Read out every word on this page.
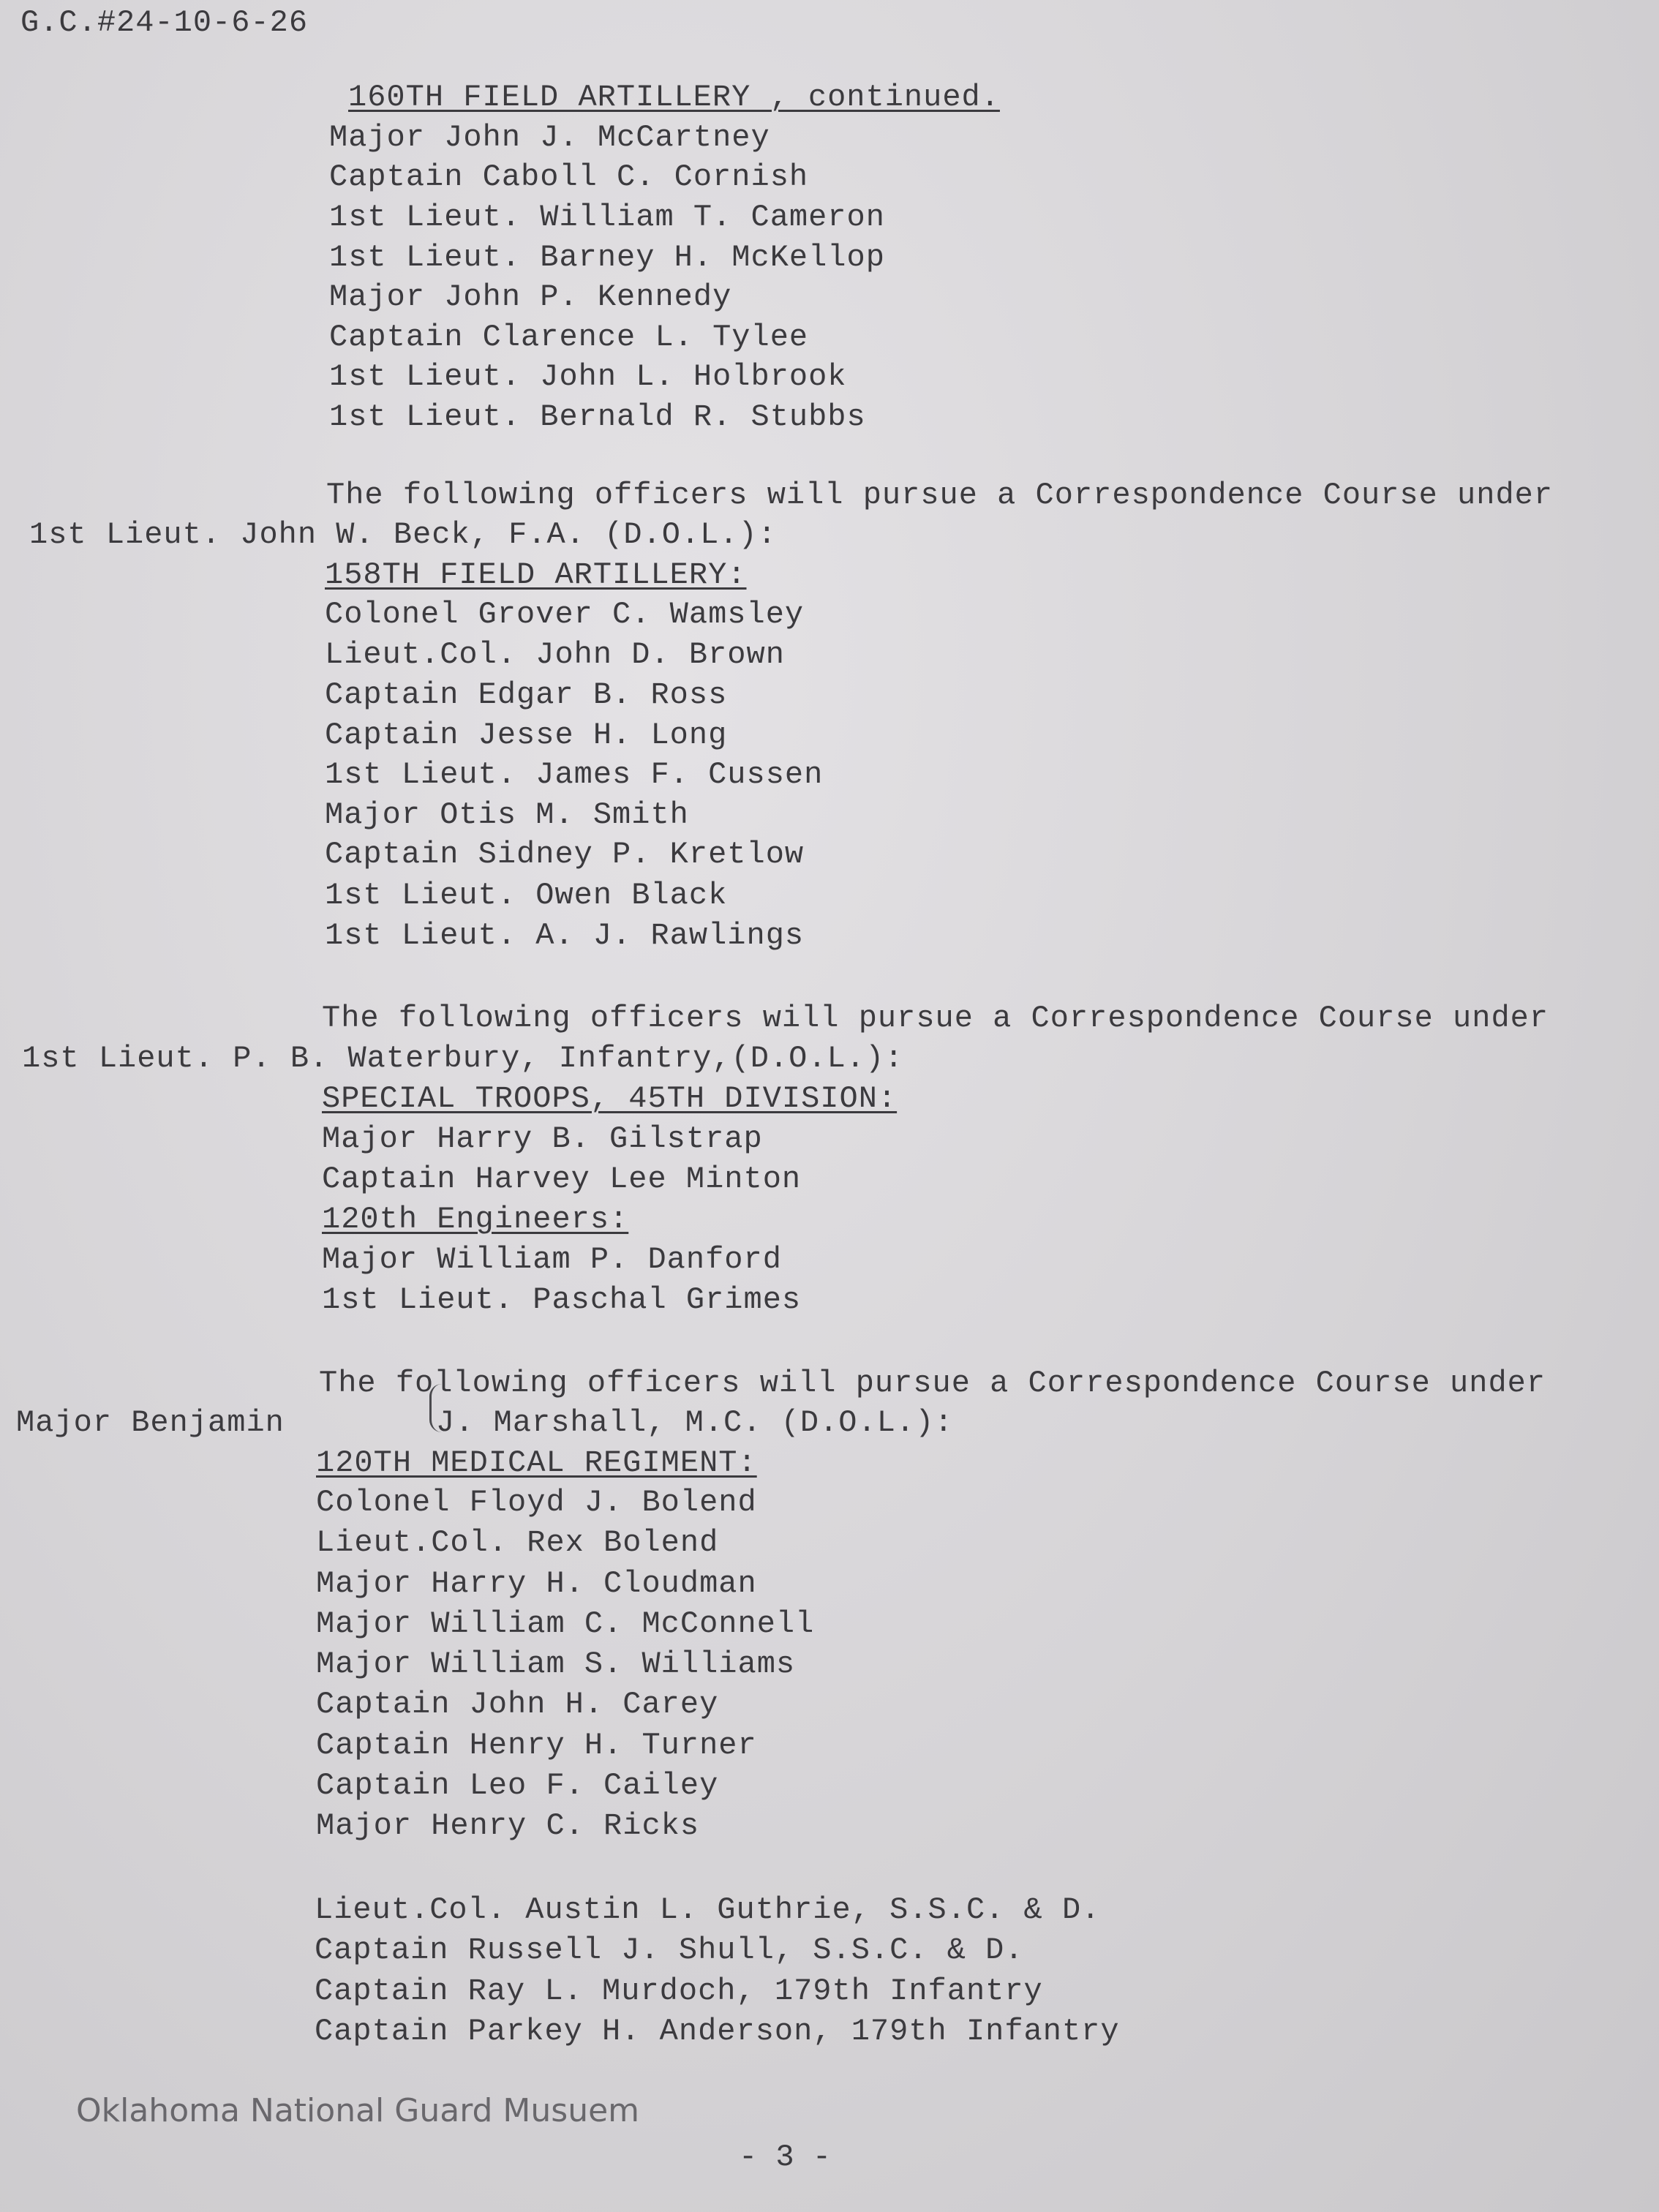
G.C.#24-10-6-26
160TH FIELD ARTILLERY , continued.
Major John J. McCartney
Captain Caboll C. Cornish
1st Lieut. William T. Cameron
1st Lieut. Barney H. McKellop
Major John P. Kennedy
Captain Clarence L. Tylee
1st Lieut. John L. Holbrook
1st Lieut. Bernald R. Stubbs
The following officers will pursue a Correspondence Course under
1st Lieut. John W. Beck, F.A. (D.O.L.):
158TH FIELD ARTILLERY:
Colonel Grover C. Wamsley
Lieut.Col. John D. Brown
Captain Edgar B. Ross
Captain Jesse H. Long
1st Lieut. James F. Cussen
Major Otis M. Smith
Captain Sidney P. Kretlow
1st Lieut. Owen Black
1st Lieut. A. J. Rawlings
The following officers will pursue a Correspondence Course under
1st Lieut. P. B. Waterbury, Infantry,(D.O.L.):
SPECIAL TROOPS, 45TH DIVISION:
Major Harry B. Gilstrap
Captain Harvey Lee Minton
120th Engineers:
Major William P. Danford
1st Lieut. Paschal Grimes
The following officers will pursue a Correspondence Course under
Major Benjamin	J. Marshall, M.C. (D.O.L.):
120TH MEDICAL REGIMENT:
Colonel Floyd J. Bolend
Lieut.Col. Rex Bolend
Major Harry H. Cloudman
Major William C. McConnell
Major William S. Williams
Captain John H. Carey
Captain Henry H. Turner
Captain Leo F. Cailey
Major Henry C. Ricks
Lieut.Col. Austin L. Guthrie, S.S.C. & D.
Captain Russell J. Shull, S.S.C. & D.
Captain Ray L. Murdoch, 179th Infantry
Captain Parkey H. Anderson, 179th Infantry
Oklahoma National Guard Musuem
- 3 -
